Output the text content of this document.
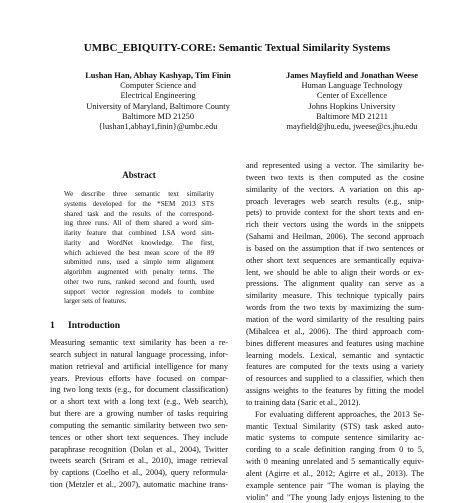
UMBC_EBIQUITY-CORE: Semantic Textual Similarity Systems
Lushan Han, Abhay Kashyap, Tim Finin
Computer Science and
Electrical Engineering
University of Maryland, Baltimore County
Baltimore MD 21250
{lushan1,abhay1,finin}@umbc.edu
James Mayfield and Jonathan Weese
Human Language Technology
Center of Excellence
Johns Hopkins University
Baltimore MD 21211
mayfield@jhu.edu, jweese@cs.jhu.edu
Abstract
We describe three semantic text similarity
systems developed for the *SEM 2013 STS
shared task and the results of the correspond-
ing three runs. All of them shared a word sim-
ilarity feature that combined LSA word sim-
ilarity and WordNet knowledge. The first,
which achieved the best mean score of the 89
submitted runs, used a simple term alignment
algorithm augmented with penalty terms. The
other two runs, ranked second and fourth, used
support vector regression models to combine
larger sets of features.
1 Introduction
Measuring semantic text similarity has been a re-
search subject in natural language processing, infor-
mation retrieval and artificial intelligence for many
years. Previous efforts have focused on compar-
ing two long texts (e.g., for document classification)
or a short text with a long text (e.g., Web search),
but there are a growing number of tasks requiring
computing the semantic similarity between two sen-
tences or other short text sequences. They include
paraphrase recognition (Dolan et al., 2004), Twitter
tweets search (Sriram et al., 2010), image retrieval
by captions (Coelho et al., 2004), query reformula-
tion (Metzler et al., 2007), automatic machine trans-
and represented using a vector. The similarity be-
tween two texts is then computed as the cosine
similarity of the vectors. A variation on this ap-
proach leverages web search results (e.g., snip-
pets) to provide context for the short texts and en-
rich their vectors using the words in the snippets
(Sahami and Heilman, 2006). The second approach
is based on the assumption that if two sentences or
other short text sequences are semantically equiva-
lent, we should be able to align their words or ex-
pressions. The alignment quality can serve as a
similarity measure. This technique typically pairs
words from the two texts by maximizing the sum-
mation of the word similarity of the resulting pairs
(Mihalcea et al., 2006). The third approach com-
bines different measures and features using machine
learning models. Lexical, semantic and syntactic
features are computed for the texts using a variety
of resources and supplied to a classifier, which then
assigns weights to the features by fitting the model
to training data (Saric et al., 2012).
For evaluating different approaches, the 2013 Se-
mantic Textual Similarity (STS) task asked auto-
matic systems to compute sentence similarity ac-
cording to a scale definition ranging from 0 to 5,
with 0 meaning unrelated and 5 semantically equiv-
alent (Agirre et al., 2012; Agirre et al., 2013). The
example sentence pair "The woman is playing the
violin" and "The young lady enjoys listening to the
